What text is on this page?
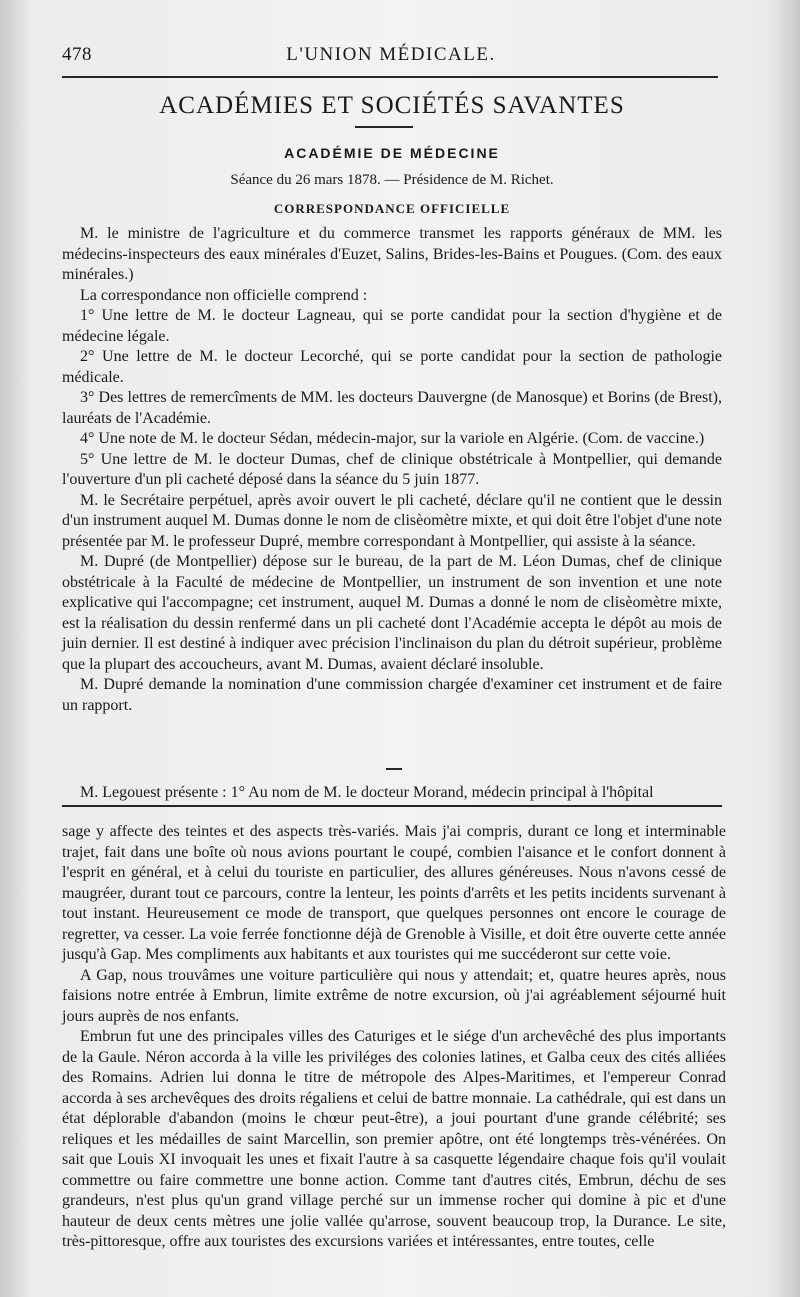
478	L'UNION MÉDICALE.
ACADÉMIES ET SOCIÉTÉS SAVANTES
ACADÉMIE DE MÉDECINE
Séance du 26 mars 1878. — Présidence de M. Richet.
CORRESPONDANCE OFFICIELLE

M. le ministre de l'agriculture et du commerce transmet les rapports généraux de MM. les médecins-inspecteurs des eaux minérales d'Euzet, Salins, Brides-les-Bains et Pougues. (Com. des eaux minérales.)

La correspondance non officielle comprend :

1° Une lettre de M. le docteur Lagneau, qui se porte candidat pour la section d'hygiène et de médecine légale.

2° Une lettre de M. le docteur Lecorché, qui se porte candidat pour la section de pathologie médicale.

3° Des lettres de remercîments de MM. les docteurs Dauvergne (de Manosque) et Borins (de Brest), lauréats de l'Académie.

4° Une note de M. le docteur Sédan, médecin-major, sur la variole en Algérie. (Com. de vaccine.)

5° Une lettre de M. le docteur Dumas, chef de clinique obstétricale à Montpellier, qui demande l'ouverture d'un pli cacheté déposé dans la séance du 5 juin 1877.

M. le Secrétaire perpétuel, après avoir ouvert le pli cacheté, déclare qu'il ne contient que le dessin d'un instrument auquel M. Dumas donne le nom de clisèomètre mixte, et qui doit être l'objet d'une note présentée par M. le professeur Dupré, membre correspondant à Montpellier, qui assiste à la séance.

M. Dupré (de Montpellier) dépose sur le bureau, de la part de M. Léon Dumas, chef de clinique obstétricale à la Faculté de médecine de Montpellier, un instrument de son invention et une note explicative qui l'accompagne; cet instrument, auquel M. Dumas a donné le nom de clisèomètre mixte, est la réalisation du dessin renfermé dans un pli cacheté dont l'Académie accepta le dépôt au mois de juin dernier. Il est destiné à indiquer avec précision l'inclinaison du plan du détroit supérieur, problème que la plupart des accoucheurs, avant M. Dumas, avaient déclaré insoluble.

M. Dupré demande la nomination d'une commission chargée d'examiner cet instrument et de faire un rapport.

M. Legouest présente : 1° Au nom de M. le docteur Morand, médecin principal à l'hôpital

sage y affecte des teintes et des aspects très-variés. Mais j'ai compris, durant ce long et interminable trajet, fait dans une boîte où nous avions pourtant le coupé, combien l'aisance et le confort donnent à l'esprit en général, et à celui du touriste en particulier, des allures généreuses. Nous n'avons cessé de maugréer, durant tout ce parcours, contre la lenteur, les points d'arrêts et les petits incidents survenant à tout instant. Heureusement ce mode de transport, que quelques personnes ont encore le courage de regretter, va cesser. La voie ferrée fonctionne déjà de Grenoble à Visille, et doit être ouverte cette année jusqu'à Gap. Mes compliments aux habitants et aux touristes qui me succéderont sur cette voie.

A Gap, nous trouvâmes une voiture particulière qui nous y attendait; et, quatre heures après, nous faisions notre entrée à Embrun, limite extrême de notre excursion, où j'ai agréablement séjourné huit jours auprès de nos enfants.

Embrun fut une des principales villes des Caturiges et le siége d'un archevêché des plus importants de la Gaule. Néron accorda à la ville les priviléges des colonies latines, et Galba ceux des cités alliées des Romains. Adrien lui donna le titre de métropole des Alpes-Maritimes, et l'empereur Conrad accorda à ses archevêques des droits régaliens et celui de battre monnaie. La cathédrale, qui est dans un état déplorable d'abandon (moins le chœur peut-être), a joui pourtant d'une grande célébrité; ses reliques et les médailles de saint Marcellin, son premier apôtre, ont été longtemps très-vénérées. On sait que Louis XI invoquait les unes et fixait l'autre à sa casquette légendaire chaque fois qu'il voulait commettre ou faire commettre une bonne action. Comme tant d'autres cités, Embrun, déchu de ses grandeurs, n'est plus qu'un grand village perché sur un immense rocher qui domine à pic et d'une hauteur de deux cents mètres une jolie vallée qu'arrose, souvent beaucoup trop, la Durance. Le site, très-pittoresque, offre aux touristes des excursions variées et intéressantes, entre toutes, celle
